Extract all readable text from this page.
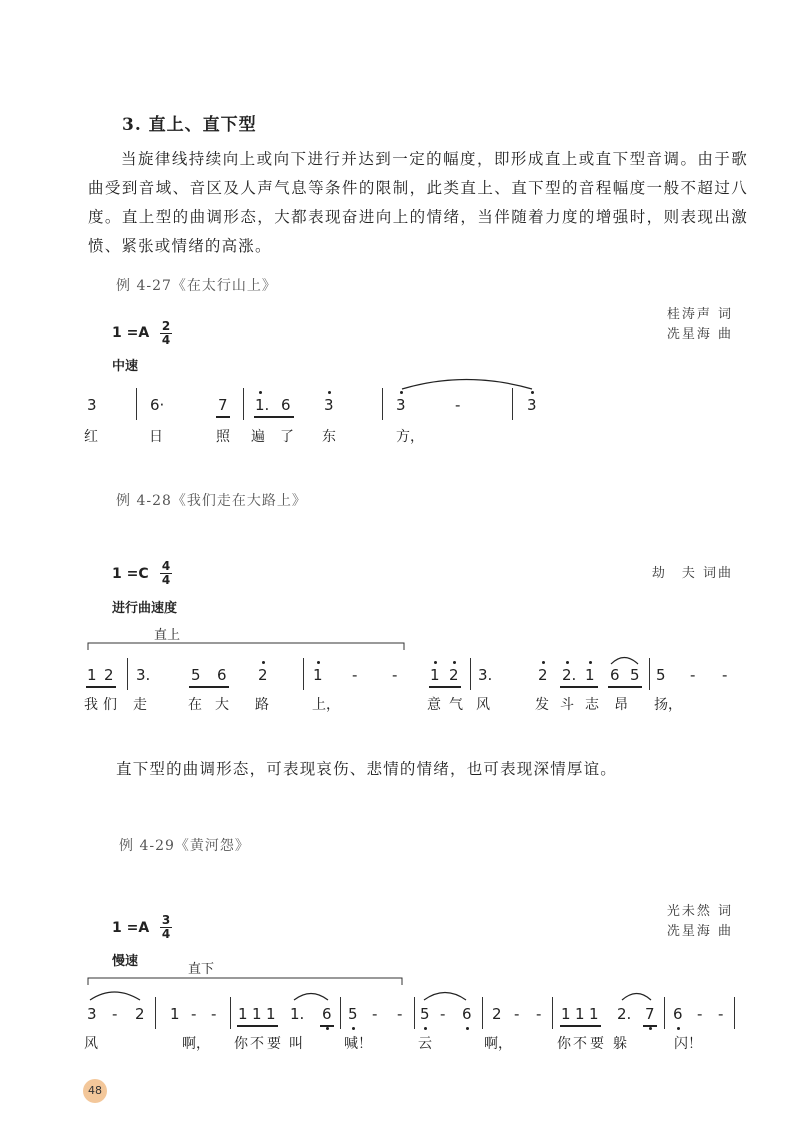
3. 直上、直下型
当旋律线持续向上或向下进行并达到一定的幅度，即形成直上或直下型音调。由于歌曲受到音域、音区及人声气息等条件的限制，此类直上、直下型的音程幅度一般不超过八度。直上型的曲调形态，大都表现奋进向上的情绪，当伴随着力度的增强时，则表现出激愤、紧张或情绪的高涨。
例 4-27《在太行山上》
桂涛声 词
冼星海 曲
1 =A 2
4
中速
3	6·	7 1. 6 3	3	-	3
红	日	照 遍 了 东	方，
例 4-28《我们走在大路上》
劫　夫 词曲
1 =C 4
4
进行曲速度
直上
1 2 3.	5 6 2	1 - - 1 2 3.	2 2. 1 6 5 5 - -
我 们 走	在 大 路	上，	意 气 风	发 斗 志 昂 扬，
直下型的曲调形态，可表现哀伤、悲情的情绪，也可表现深情厚谊。
例 4-29《黄河怨》
光未然 词
冼星海 曲
1 =A 3
4
慢速
直下
3 - 2 1 - - 1 1 1 1. 6 5 - - 5 - 6 2 - - 1 1 1 2. 7 6 - -
风	啊， 你 不 要 叫	喊！	云	啊，	你 不 要 躲	闪！
48
